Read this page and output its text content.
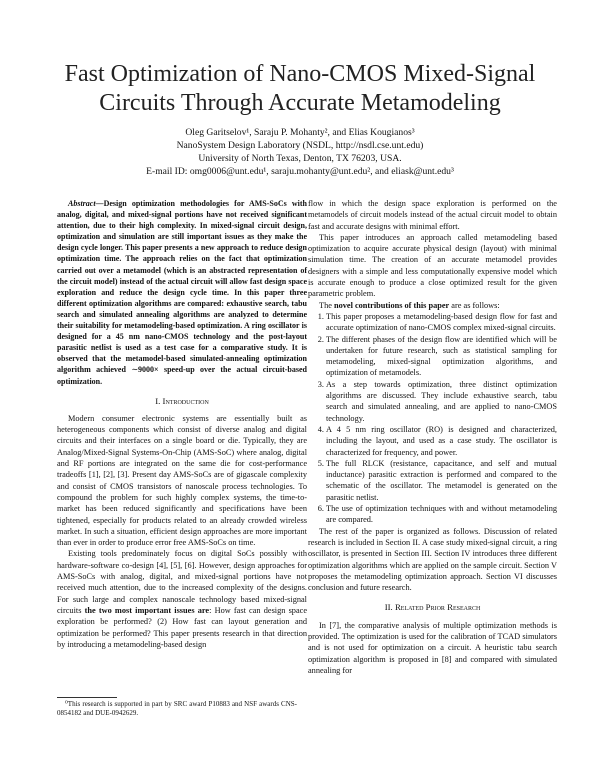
Fast Optimization of Nano-CMOS Mixed-Signal
Circuits Through Accurate Metamodeling
Oleg Garitselov¹, Saraju P. Mohanty², and Elias Kougianos³
NanoSystem Design Laboratory (NSDL, http://nsdl.cse.unt.edu)
University of North Texas, Denton, TX 76203, USA.
E-mail ID: omg0006@unt.edu¹, saraju.mohanty@unt.edu², and eliask@unt.edu³

Abstract—Design optimization methodologies for AMS-SoCs with analog, digital, and mixed-signal portions have not received significant attention, due to their high complexity. In mixed-signal circuit design, optimization and simulation are still important issues as they make the design cycle longer. This paper presents a new approach to reduce design optimization time. The approach relies on the fact that optimization carried out over a metamodel (which is an abstracted representation of the circuit model) instead of the actual circuit will allow fast design space exploration and reduce the design cycle time. In this paper three different optimization algorithms are compared: exhaustive search, tabu search and simulated annealing algorithms are analyzed to determine their suitability for metamodeling-based optimization. A ring oscillator is designed for a 45 nm nano-CMOS technology and the post-layout parasitic netlist is used as a test case for a comparative study. It is observed that the metamodel-based simulated-annealing optimization algorithm achieved ∼9000× speed-up over the actual circuit-based optimization.

I. Introduction

Modern consumer electronic systems are essentially built as heterogeneous components which consist of diverse analog and digital circuits and their interfaces on a single board or die. Typically, they are Analog/Mixed-Signal Systems-On-Chip (AMS-SoC) where analog, digital and RF portions are integrated on the same die for cost-performance tradeoffs [1], [2], [3]. Present day AMS-SoCs are of gigascale complexity and consist of CMOS transistors of nanoscale process technologies. To compound the problem for such highly complex systems, the time-to-market has been reduced significantly and specifications have been tightened, especially for products related to an already crowded wireless market. In such a situation, efficient design approaches are more important than ever in order to produce error free AMS-SoCs on time.

Existing tools predominately focus on digital SoCs possibly with hardware-software co-design [4], [5], [6]. However, design approaches for AMS-SoCs with analog, digital, and mixed-signal portions have not received much attention, due to the increased complexity of the designs. For such large and complex nanoscale technology based mixed-signal circuits the two most important issues are: How fast can design space exploration be performed? (2) How fast can layout generation and optimization be performed? This paper presents research in that direction by introducing a metamodeling-based design

⁰This research is supported in part by SRC award P10883 and NSF awards CNS-0854182 and DUE-0942629.

flow in which the design space exploration is performed on the metamodels of circuit models instead of the actual circuit model to obtain fast and accurate designs with minimal effort.

This paper introduces an approach called metamodeling based optimization to acquire accurate physical design (layout) with minimal simulation time. The creation of an accurate metamodel provides designers with a simple and less computationally expensive model which is accurate enough to produce a close optimized result for the given parametric problem.

The novel contributions of this paper are as follows:

1. This paper proposes a metamodeling-based design flow for fast and accurate optimization of nano-CMOS complex mixed-signal circuits.
2. The different phases of the design flow are identified which will be undertaken for future research, such as statistical sampling for metamodeling, mixed-signal optimization algorithms, and optimization of metamodels.
3. As a step towards optimization, three distinct optimization algorithms are discussed. They include exhaustive search, tabu search and simulated annealing, and are applied to nano-CMOS technology.
4. A 4 5 nm ring oscillator (RO) is designed and characterized, including the layout, and used as a case study. The oscillator is characterized for frequency, and power.
5. The full RLCK (resistance, capacitance, and self and mutual inductance) parasitic extraction is performed and compared to the schematic of the oscillator. The metamodel is generated on the parasitic netlist.
6. The use of optimization techniques with and without metamodeling are compared.

The rest of the paper is organized as follows. Discussion of related research is included in Section II. A case study mixed-signal circuit, a ring oscillator, is presented in Section III. Section IV introduces three different optimization algorithms which are applied on the sample circuit. Section V proposes the metamodeling optimization approach. Section VI discusses conclusion and future research.

II. Related Prior Research

In [7], the comparative analysis of multiple optimization methods is provided. The optimization is used for the calibration of TCAD simulators and is not used for optimization on a circuit. A heuristic tabu search optimization algorithm is proposed in [8] and compared with simulated annealing for
